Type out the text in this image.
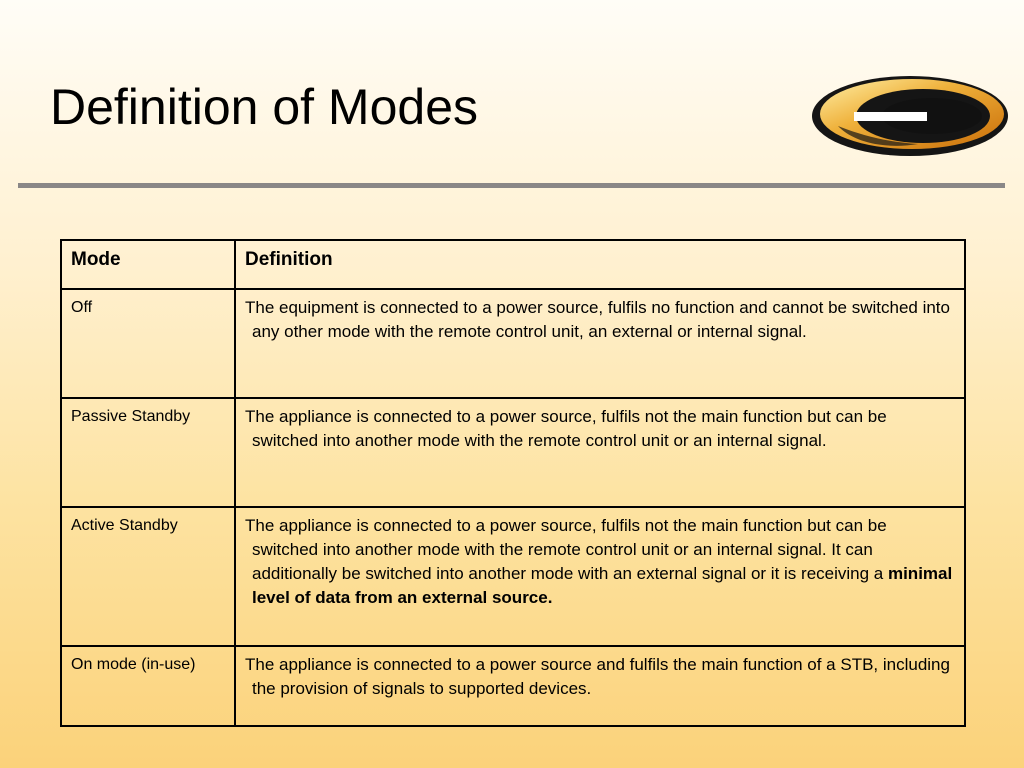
Definition of Modes
Mode	Definition
Off	The equipment is connected to a power source, fulfils no function and cannot be switched into any other mode with the remote control unit, an external or internal signal.

Passive Standby	The appliance is connected to a power source, fulfils not the main function but can be switched into another mode with the remote control unit or an internal signal.

Active Standby	The appliance is connected to a power source, fulfils not the main function but can be switched into another mode with the remote control unit or an internal signal. It can additionally be switched into another mode with an external signal or it is receiving a minimal level of data from an external source.

On mode (in-use)	The appliance is connected to a power source and fulfils the main function of a STB, including the provision of signals to supported devices.
